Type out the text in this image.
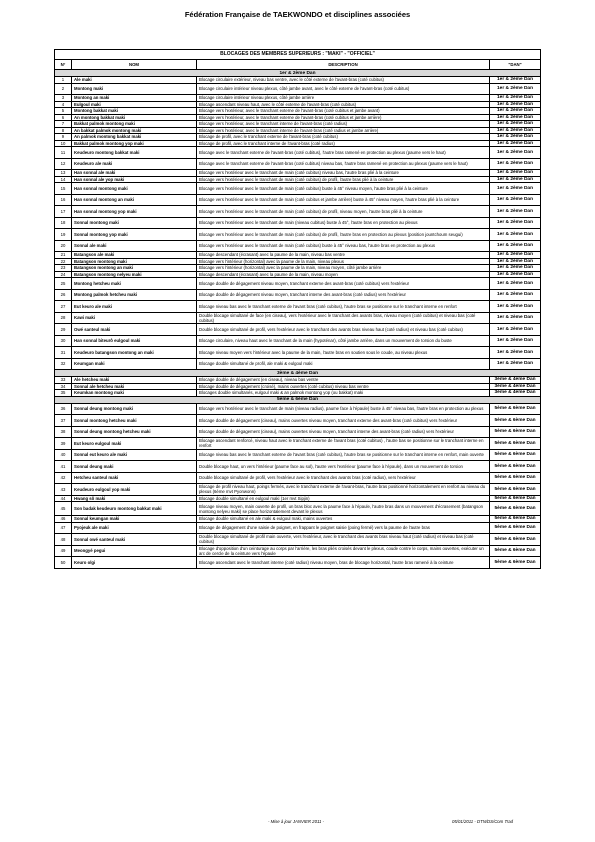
Fédération Française de TAEKWONDO et disciplines associées
BLOCAGES DES MEMBRES SUPERIEURS : "MAKI" - "OFFICIEL"			
N°	NOM	DESCRIPTION	"DAN"
1er & 2ème Dan			
1	Ale maki	Blocage circulaire extérieur, niveau bas ventre, avec le côté externe de l'avant-bras (coté cubitus)	1er & 2ème Dan
2	Montong maki	Blocage circulaire intérieur niveau plexus, côté jambe avant, avec le côté externe de l'avant-bras (coté cubitus)	1er & 2ème Dan
3	Montong an maki	Blocage circulaire intérieur niveau plexus, côté jambe arrière	1er & 2ème Dan
4	Eulgoul maki	Blocage ascendant niveau haut, avec le côté externe de l'avant-bras (coté cubitus)	1er & 2ème Dan
5	Montong bakkat maki	Blocage vers l'extérieur, avec le tranchant externe de l'avant-bras (coté cubitus et jambe avant)	1er & 2ème Dan
6	An montong bakkat maki	Blocage vers l'extérieur, avec le tranchant externe de l'avant-bras (coté cubitus et jambe arrière)	1er & 2ème Dan
7	Bakkat palmok montong maki	Blocage vers l'extérieur, avec le tranchant interne de l'avant-bras (coté radius)	1er & 2ème Dan
8	An bakkat palmok montong maki	Blocage vers l'extérieur, avec le tranchant interne de l'avant-bras (coté radius et jambe arrière)	1er & 2ème Dan
9	An palmok montong bakkat maki	Blocage de profil, avec le tranchant externe de l'avant-bras (coté cubitus)	1er & 2ème Dan
10	Bakkat palmok montong yop maki	Blocage de profil, avec le tranchant interne de l'avant-bras (coté radius)	1er & 2ème Dan
11	Keudeuro montong bakkat maki	Blocage avec le tranchant externe de l'avant-bras (coté cubitus), l'autre bras ramené en protection au plexus (paume vers le haut)	1er & 2ème Dan
12	Keudeuro ale maki	Blocage avec le tranchant externe de l'avant-bras (coté cubitus) niveau bas, l'autre bras ramené en protection au plexus (paume vers le haut)	1er & 2ème Dan
13	Han sonnal ale maki	Blocage vers l'extérieur avec le tranchant de main (coté cubitus) niveau bas, l'autre bras plié à la ceinture	1er & 2ème Dan
14	Han sonnal ale yop maki	Blocage vers l'extérieur avec le tranchant de main (coté cubitus) de profil, l'autre bras plié à la ceinture	1er & 2ème Dan
15	Han sonnal montong maki	Blocage vers l'extérieur avec le tranchant de main (coté cubitus) buste à 45° niveau moyen, l'autre bras plié à la ceinture	1er & 2ème Dan
16	Han sonnal montong an maki	Blocage vers l'extérieur avec le tranchant de main (coté cubitus et jambe arrière) buste à 45° niveau moyen, l'autre bras plié à la ceinture	1er & 2ème Dan
17	Han sonnal montong yop maki	Blocage vers l'extérieur avec le tranchant de main (coté cubitus) de profil, niveau moyen, l'autre bras plié à la ceinture	1er & 2ème Dan
18	Sonnal montong maki	Blocage vers l'extérieur avec le tranchant de main (niveau cubitus) buste à 45°, l'autre bras en protection au plexus	1er & 2ème Dan
19	Sonnal montong yop maki	Blocage vers l'extérieur avec le tranchant de main (coté cubitus) de profil, l'autre bras en protection au plexus (position jountchoum seugui)	1er & 2ème Dan
20	Sonnal ale maki	Blocage vers l'extérieur avec le tranchant de main (coté cubitus) buste à 45° niveau bas, l'autre bras en protection au plexus	1er & 2ème Dan
21	Batangson ale maki	Blocage descendant (écrasant) avec la paume de la main, niveau bas ventre	1er & 2ème Dan
22	Batangson montong maki	Blocage vers l'intérieur (horizontal) avec la paume de la main, niveau plexus	1er & 2ème Dan
23	Batangson montong an maki	Blocage vers l'intérieur (horizontal) avec la paume de la main, niveau moyen, côté jambe arrière	1er & 2ème Dan
24	Batangson montong nelyeu maki	Blocage descendant (écrasant) avec la paume de la main, niveau moyen	1er & 2ème Dan
25	Montong hetcheu maki	Blocage double de dégagement niveau moyen, tranchant externe des avant-bras (coté cubitus) vers l'extérieur	1er & 2ème Dan
26	Montong palmok hetcheu maki	Blocage double de dégagement niveau moyen, tranchant interne des avant-bras (coté radius) vers l'extérieur	1er & 2ème Dan
27	Eut keuro ale maki	Blocage niveau bas avec le tranchant externe de l'avant bras (coté cubitus), l'autre bras se positionne sur le tranchant interne en renfort	1er & 2ème Dan
28	Kawi maki	Double blocage simultané de face (en ciseau), vers l'extérieur avec le tranchant des avants bras, niveau moyen (coté cubitus) et niveau bas (coté cubitus)	1er & 2ème Dan
29	Owé santeul maki	Double blocage simultané de profil, vers l'extérieur avec le tranchant des avants bras niveau haut (coté radius) et niveau bas (coté cubitus)	1er & 2ème Dan
30	Han sonnal biteurô eulgoul maki	Blocage circulaire, niveau haut avec le tranchant de la main (hypoténar), côté jambe arrière, dans un mouvement de torsion du buste	1er & 2ème Dan
31	Keudeuro batangson montong an maki	Blocage niveau moyen vers l'intérieur avec la paume de la main, l'autre bras en soutien sous le coude, au niveau plexus	1er & 2ème Dan
32	Keumgan maki	Blocage double simultané de profil, ale maki & eulgoul maki	1er & 2ème Dan
3ème & 4ème Dan			
33	Ale hetcheu maki	Blocage double de dégagement (en ciseau), niveau bas ventre	3ème & 4ème Dan
34	Sonnal ale hetcheu maki	Blocage double de dégagement (croisé), mains ouvertes (coté cubitus) niveau bas ventre	3ème & 4ème Dan
35	Keumkan montong maki	Blocages double simultanés, eulgoul maki & an palmok montong yop (ou bakkat) maki	3ème & 4ème Dan
5ème & 6ème Dan			
36	Sonnal deung montong maki	Blocage vers l'extérieur avec le tranchant de main (niveau radius), paume face à l'épaule) buste à 45° niveau bas, l'autre bras en protection au plexus	5ème & 6ème Dan
37	Sonnal montong hetcheu maki	Blocage double de dégagement (ciseau), mains ouvertes niveau moyen, tranchant externe des avant-bras (coté cubitus) vers l'extérieur	5ème & 6ème Dan
38	Sonnal deung montong hetcheu maki	Blocage double de dégagement (ciseau), mains ouvertes niveau moyen, tranchant interne des avant-bras (coté radius) vers l'extérieur	5ème & 6ème Dan
39	Eut keuro eulgoul maki	Blocage ascendant renforcé, niveau haut avec le tranchant externe de l'avant bras (coté cubitus) , l'autre bas se positionne sur le tranchant interne en renfort	5ème & 6ème Dan
40	Sonnal eut keuro ale maki	Blocage niveau bas avec le tranchant externe de l'avant bras (coté cubitus), l'autre bras se positionne sur le tranchant interne en renfort, main ouverte	5ème & 6ème Dan
41	Sonnal deung maki	Double blocage haut, un vers l'intérieur (paume face au sol), l'autre vers l'extérieur (paume face à l'épaule), dans un mouvement de torsion	5ème & 6ème Dan
42	Hetcheu santeul maki	Double blocage simultané de profil, vers l'extérieur avec le tranchant des avants bras (coté radius), vers l'extérieur	5ème & 6ème Dan
43	Keudeuro eulgoul yop maki	Blocage de profil niveau haut, poings fermés, avec le tranchant externe de l'avant-bras, l'autre bras positionné horizontalement en renfort au niveau du plexus (6ème mvt Pyonwonn)	5ème & 6ème Dan
44	Hwang sô maki	Blocage double simultané en eulgoul maki (1er mvt Sipjin)	5ème & 6ème Dan
45	Son badak keudeuro montong bakkat maki	Blocage niveau moyen, main ouverte de profil, un bras bloc avec la paume face à l'épaule, l'autre bras dans un mouvement d'écrasement (batangson montong nelyeu maki) se place horizontalement devant le plexus	5ème & 6ème Dan
46	Sonnal keumgan maki	Blocage double simultané en ale maki & eulgoul maki, mains ouvertes	5ème & 6ème Dan
47	Pyojeuk ale maki	Blocage de dégagement d'une saisie de poignet, en frappant le poignet saisie (poing fermé) vers la paume de l'autre bras	5ème & 6ème Dan
48	Sonnal owé santeul maki	Double blocage simultané de profil main ouverte, vers l'extérieur, avec le tranchant des avants bras niveau haut (coté radius) et niveau bas (coté cubitus)	5ème & 6ème Dan
49	Meongyé pegui	Blocage d'opposition d'un ceinturage au corps par l'arrière, les bras pliés croisés devant le plexus, coude contre le corps, mains ouvertes, exécuter un arc de cercle de la ceinture vers l'épaule	5ème & 6ème Dan
50	Keuro olgi	Blocage ascendant avec le tranchant interne (coté radius) niveau moyen, bras de blocage horizontal, l'autre bras ramené à la ceinture	5ème & 6ème Dan
- Mise à jour JANVIER 2011 -	05/01/2011 - DTN/DS/Com Trad
